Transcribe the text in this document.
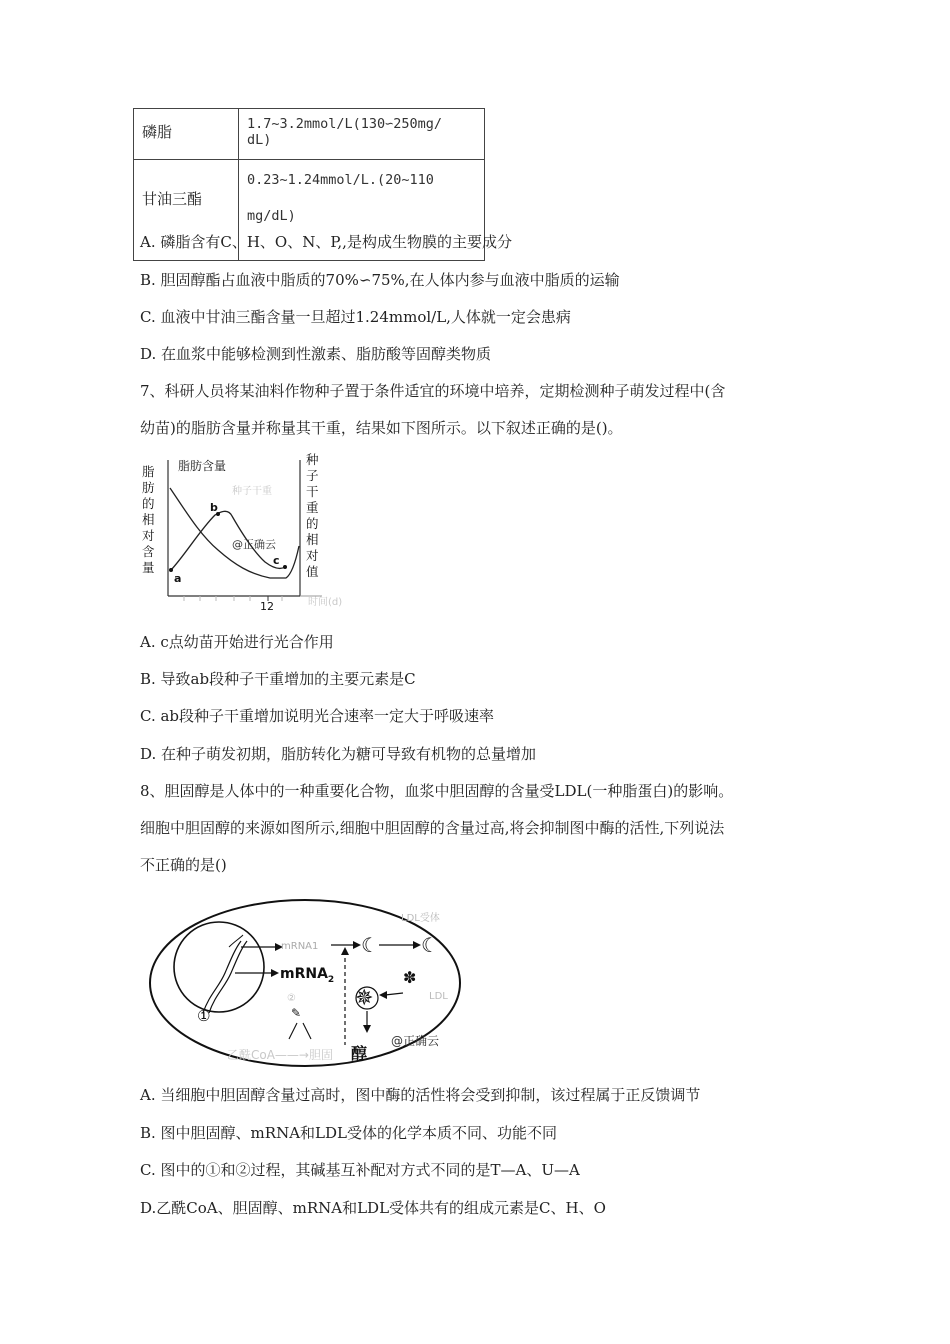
磷脂	1.7~3.2mmol/L(130∽250mg/
dL)

甘油三酯	0.23~1.24mmol/L.(20~110
mg/dL)
A. 磷脂含有C、H、O、N、P,,是构成生物膜的主要成分
B. 胆固醇酯占血液中脂质的70%∽75%,在人体内参与血液中脂质的运输
C. 血液中甘油三酯含量一旦超过1.24mmol/L,人体就一定会患病
D. 在血浆中能够检测到性激素、脂肪酸等固醇类物质
7、科研人员将某油料作物种子置于条件适宜的环境中培养，定期检测种子萌发过程中(含
幼苗)的脂肪含量并称量其干重，结果如下图所示。以下叙述正确的是()。
脂肪的相对含量
种子干重的相对值
脂肪含量
种子干重
a
b
c
@正确云
12	时间(d)
A. c点幼苗开始进行光合作用
B. 导致ab段种子干重增加的主要元素是C
C. ab段种子干重增加说明光合速率一定大于呼吸速率
D. 在种子萌发初期，脂肪转化为糖可导致有机物的总量增加
8、胆固醇是人体中的一种重要化合物，血浆中胆固醇的含量受LDL(一种脂蛋白)的影响。
细胞中胆固醇的来源如图所示,细胞中胆固醇的含量过高,将会抑制图中酶的活性,下列说法
不正确的是()
①
mRNA1
mRNA$_2$
②
☾ ☾
LDL受体
✵
✽
LDL
✎
@正确云
乙酰CoA——→胆固 醇
A. 当细胞中胆固醇含量过高时，图中酶的活性将会受到抑制，该过程属于正反馈调节
B. 图中胆固醇、mRNA和LDL受体的化学本质不同、功能不同
C. 图中的①和②过程，其碱基互补配对方式不同的是T—A、U—A
D.乙酰CoA、胆固醇、mRNA和LDL受体共有的组成元素是C、H、O
